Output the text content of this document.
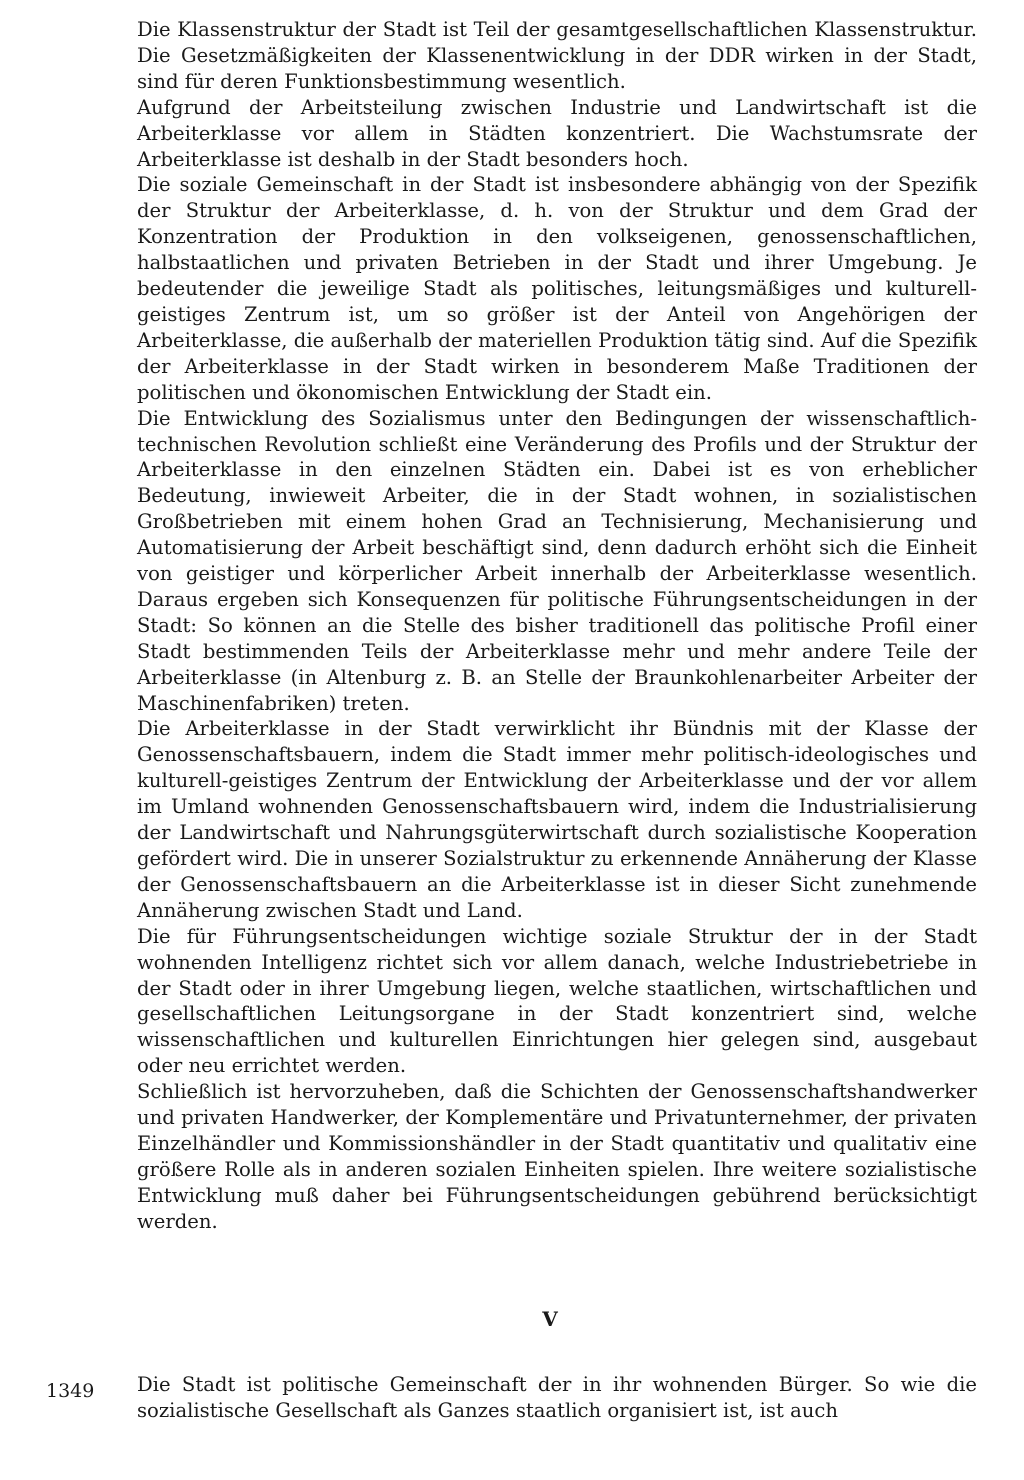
Die Klassenstruktur der Stadt ist Teil der gesamtgesellschaftlichen Klassenstruktur. Die Gesetzmäßigkeiten der Klassenentwicklung in der DDR wirken in der Stadt, sind für deren Funktionsbestimmung wesentlich.

Aufgrund der Arbeitsteilung zwischen Industrie und Landwirtschaft ist die Arbeiterklasse vor allem in Städten konzentriert. Die Wachstumsrate der Arbeiterklasse ist deshalb in der Stadt besonders hoch.

Die soziale Gemeinschaft in der Stadt ist insbesondere abhängig von der Spezifik der Struktur der Arbeiterklasse, d. h. von der Struktur und dem Grad der Konzentration der Produktion in den volkseigenen, genossenschaftlichen, halbstaatlichen und privaten Betrieben in der Stadt und ihrer Umgebung. Je bedeutender die jeweilige Stadt als politisches, leitungsmäßiges und kulturell-geistiges Zentrum ist, um so größer ist der Anteil von Angehörigen der Arbeiterklasse, die außerhalb der materiellen Produktion tätig sind. Auf die Spezifik der Arbeiterklasse in der Stadt wirken in besonderem Maße Traditionen der politischen und ökonomischen Entwicklung der Stadt ein.

Die Entwicklung des Sozialismus unter den Bedingungen der wissenschaftlich-technischen Revolution schließt eine Veränderung des Profils und der Struktur der Arbeiterklasse in den einzelnen Städten ein. Dabei ist es von erheblicher Bedeutung, inwieweit Arbeiter, die in der Stadt wohnen, in sozialistischen Großbetrieben mit einem hohen Grad an Technisierung, Mechanisierung und Automatisierung der Arbeit beschäftigt sind, denn dadurch erhöht sich die Einheit von geistiger und körperlicher Arbeit innerhalb der Arbeiterklasse wesentlich. Daraus ergeben sich Konsequenzen für politische Führungsentscheidungen in der Stadt: So können an die Stelle des bisher traditionell das politische Profil einer Stadt bestimmenden Teils der Arbeiterklasse mehr und mehr andere Teile der Arbeiterklasse (in Altenburg z. B. an Stelle der Braunkohlenarbeiter Arbeiter der Maschinenfabriken) treten.

Die Arbeiterklasse in der Stadt verwirklicht ihr Bündnis mit der Klasse der Genossenschaftsbauern, indem die Stadt immer mehr politisch-ideologisches und kulturell-geistiges Zentrum der Entwicklung der Arbeiterklasse und der vor allem im Umland wohnenden Genossenschaftsbauern wird, indem die Industrialisierung der Landwirtschaft und Nahrungsgüterwirtschaft durch sozialistische Kooperation gefördert wird. Die in unserer Sozialstruktur zu erkennende Annäherung der Klasse der Genossenschaftsbauern an die Arbeiterklasse ist in dieser Sicht zunehmende Annäherung zwischen Stadt und Land.

Die für Führungsentscheidungen wichtige soziale Struktur der in der Stadt wohnenden Intelligenz richtet sich vor allem danach, welche Industriebetriebe in der Stadt oder in ihrer Umgebung liegen, welche staatlichen, wirtschaftlichen und gesellschaftlichen Leitungsorgane in der Stadt konzentriert sind, welche wissenschaftlichen und kulturellen Einrichtungen hier gelegen sind, ausgebaut oder neu errichtet werden.

Schließlich ist hervorzuheben, daß die Schichten der Genossenschaftshandwerker und privaten Handwerker, der Komplementäre und Privatunternehmer, der privaten Einzelhändler und Kommissionshändler in der Stadt quantitativ und qualitativ eine größere Rolle als in anderen sozialen Einheiten spielen. Ihre weitere sozialistische Entwicklung muß daher bei Führungsentscheidungen gebührend berücksichtigt werden.

V

Die Stadt ist politische Gemeinschaft der in ihr wohnenden Bürger. So wie die sozialistische Gesellschaft als Ganzes staatlich organisiert ist, ist auch

1349
